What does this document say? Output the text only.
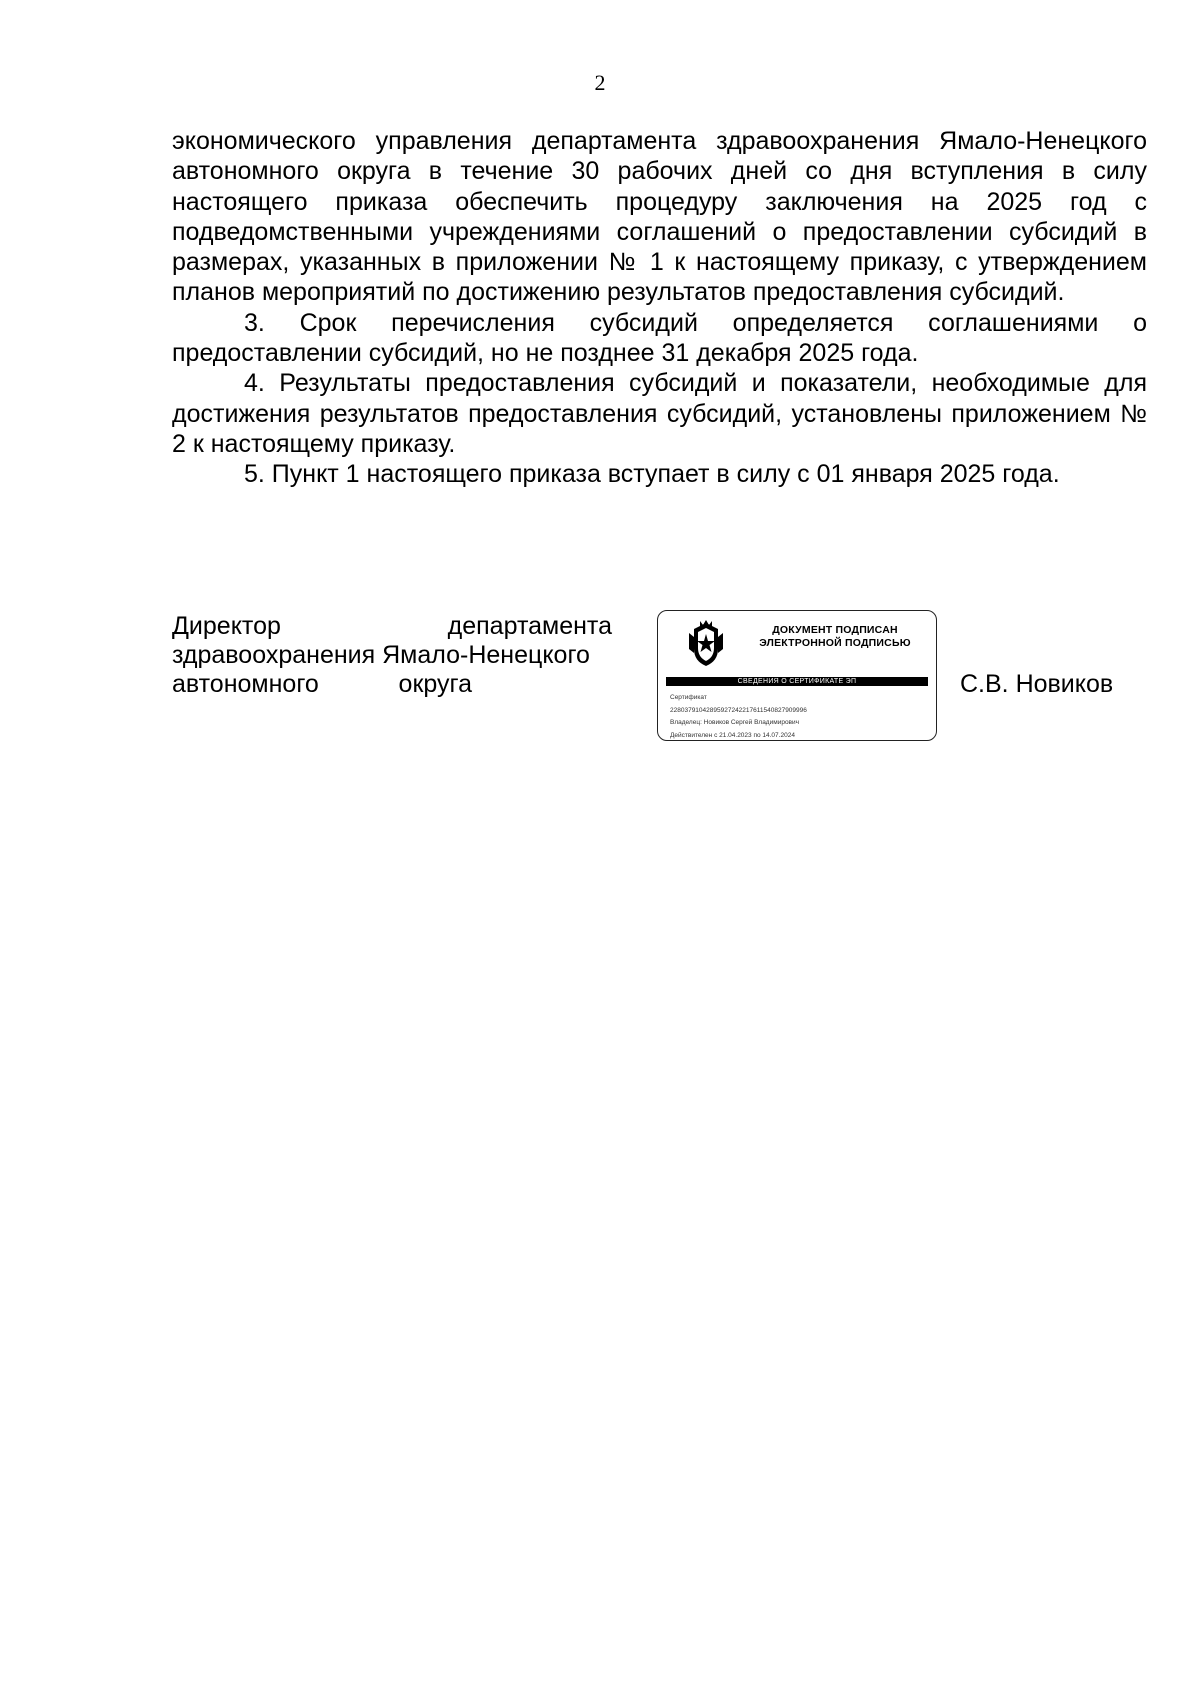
2

экономического управления департамента здравоохранения Ямало-Ненецкого автономного округа в течение 30 рабочих дней со дня вступления в силу настоящего приказа обеспечить процедуру заключения на 2025 год с подведомственными учреждениями соглашений о предоставлении субсидий в размерах, указанных в приложении № 1 к настоящему приказу, с утверждением планов мероприятий по достижению результатов предоставления субсидий.

3. Срок перечисления субсидий определяется соглашениями о предоставлении субсидий, но не позднее 31 декабря 2025 года.

4. Результаты предоставления субсидий и показатели, необходимые для достижения результатов предоставления субсидий, установлены приложением № 2 к настоящему приказу.

5. Пункт 1 настоящего приказа вступает в силу с 01 января 2025 года.

Директор департамента
здравоохранения Ямало-Ненецкого
автономного округа
ДОКУМЕНТ ПОДПИСАН
ЭЛЕКТРОННОЙ ПОДПИСЬЮ
СВЕДЕНИЯ О СЕРТИФИКАТЕ ЭП
Сертификат
22803791042895927242217611540827909996
Владелец: Новиков Сергей Владимирович
Действителен с 21.04.2023 по 14.07.2024
С.В. Новиков
